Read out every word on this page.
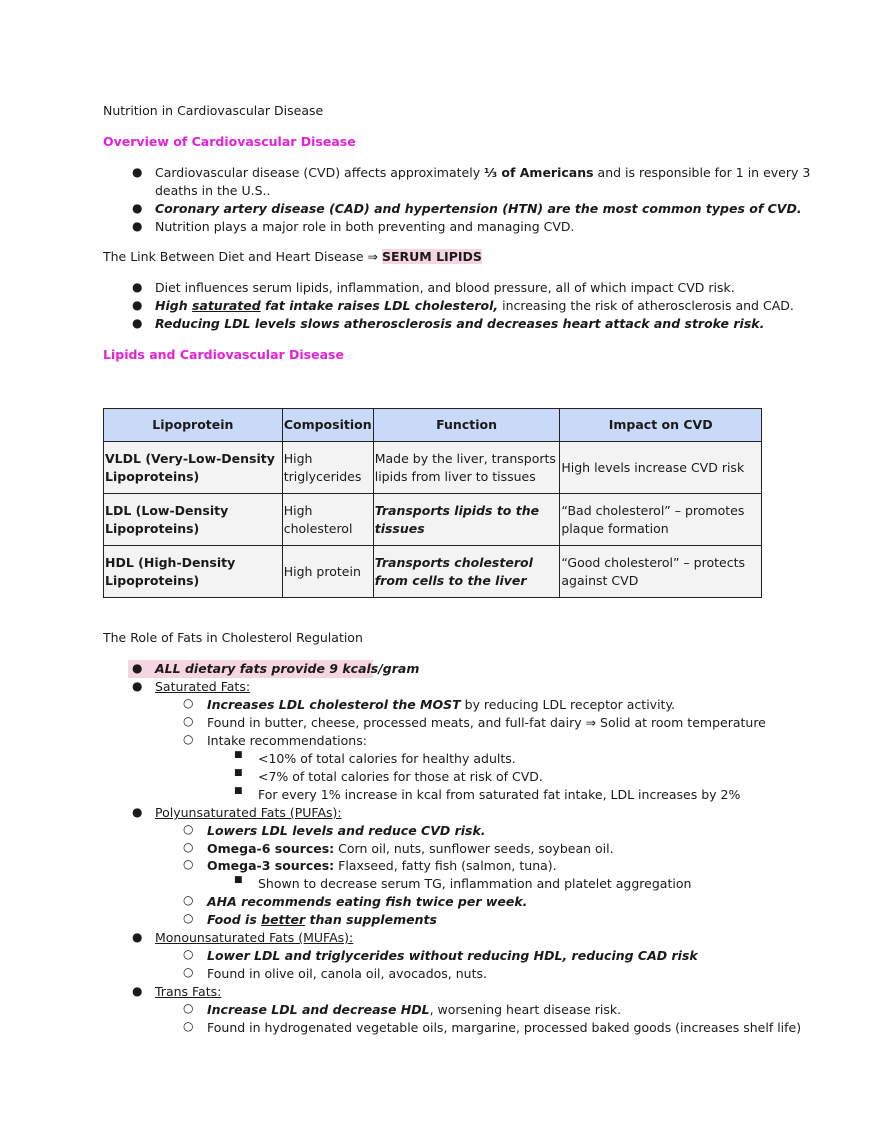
Nutrition in Cardiovascular Disease
Overview of Cardiovascular Disease
● Cardiovascular disease (CVD) affects approximately ⅓ of Americans and is responsible for 1 in every 3
deaths in the U.S..
● Coronary artery disease (CAD) and hypertension (HTN) are the most common types of CVD.
● Nutrition plays a major role in both preventing and managing CVD.
The Link Between Diet and Heart Disease ⇒ SERUM LIPIDS
● Diet influences serum lipids, inflammation, and blood pressure, all of which impact CVD risk.
● High saturated fat intake raises LDL cholesterol, increasing the risk of atherosclerosis and CAD.
● Reducing LDL levels slows atherosclerosis and decreases heart attack and stroke risk.
Lipids and Cardiovascular Disease
Lipoprotein	Composition	Function	Impact on CVD
VLDL (Very-Low-Density Lipoproteins)	High triglycerides	Made by the liver, transports lipids from liver to tissues	High levels increase CVD risk
LDL (Low-Density Lipoproteins)	High cholesterol	Transports lipids to the tissues	“Bad cholesterol” – promotes plaque formation
HDL (High-Density Lipoproteins)	High protein	Transports cholesterol from cells to the liver	“Good cholesterol” – protects against CVD
The Role of Fats in Cholesterol Regulation
● ALL dietary fats provide 9 kcals/gram
● Saturated Fats:
○ Increases LDL cholesterol the MOST by reducing LDL receptor activity.
○ Found in butter, cheese, processed meats, and full-fat dairy ⇒ Solid at room temperature
○ Intake recommendations:
■ <10% of total calories for healthy adults.
■ <7% of total calories for those at risk of CVD.
■ For every 1% increase in kcal from saturated fat intake, LDL increases by 2%
● Polyunsaturated Fats (PUFAs):
○ Lowers LDL levels and reduce CVD risk.
○ Omega-6 sources: Corn oil, nuts, sunflower seeds, soybean oil.
○ Omega-3 sources: Flaxseed, fatty fish (salmon, tuna).
■ Shown to decrease serum TG, inflammation and platelet aggregation
○ AHA recommends eating fish twice per week.
○ Food is better than supplements
● Monounsaturated Fats (MUFAs):
○ Lower LDL and triglycerides without reducing HDL, reducing CAD risk
○ Found in olive oil, canola oil, avocados, nuts.
● Trans Fats:
○ Increase LDL and decrease HDL, worsening heart disease risk.
○ Found in hydrogenated vegetable oils, margarine, processed baked goods (increases shelf life)
